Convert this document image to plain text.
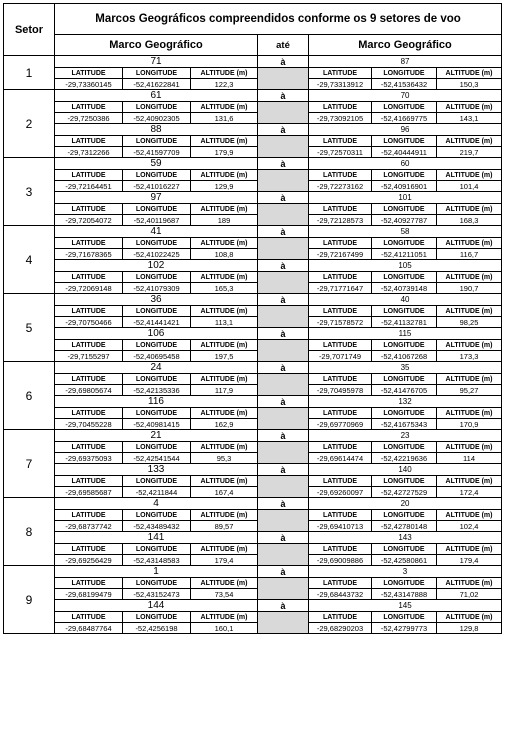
Setor	Marcos Geográficos compreendidos conforme os 9 setores de voo						
	Marco Geográfico			até	Marco Geográfico		
1	71			à	87		
	LATITUDE	LONGITUDE	ALTITUDE (m)		LATITUDE	LONGITUDE	ALTITUDE (m)
	-29,73360145	-52,41622841	122,3		-29,73313912	-52,41536432	150,3
2	61			à	70		
	LATITUDE	LONGITUDE	ALTITUDE (m)		LATITUDE	LONGITUDE	ALTITUDE (m)
	-29,7250386	-52,40902305	131,6		-29,73092105	-52,41669775	143,1
	88			à	96		
	LATITUDE	LONGITUDE	ALTITUDE (m)		LATITUDE	LONGITUDE	ALTITUDE (m)
	-29,7312266	-52,41597709	179,9		-29,72570311	-52,40444911	219,7
3	59			à	60		
	LATITUDE	LONGITUDE	ALTITUDE (m)		LATITUDE	LONGITUDE	ALTITUDE (m)
	-29,72164451	-52,41016227	129,9		-29,72273162	-52,40916901	101,4
	97			à	101		
	LATITUDE	LONGITUDE	ALTITUDE (m)		LATITUDE	LONGITUDE	ALTITUDE (m)
	-29,72054072	-52,40119687	189		-29,72128573	-52,40927787	168,3
4	41			à	58		
	LATITUDE	LONGITUDE	ALTITUDE (m)		LATITUDE	LONGITUDE	ALTITUDE (m)
	-29,71678365	-52,41022425	108,8		-29,72167499	-52,41211051	116,7
	102			à	105		
	LATITUDE	LONGITUDE	ALTITUDE (m)		LATITUDE	LONGITUDE	ALTITUDE (m)
	-29,72069148	-52,41079309	165,3		-29,71771647	-52,40739148	190,7
5	36			à	40		
	LATITUDE	LONGITUDE	ALTITUDE (m)		LATITUDE	LONGITUDE	ALTITUDE (m)
	-29,70750466	-52,41441421	113,1		-29,71578572	-52,41132781	98,25
	106			à	115		
	LATITUDE	LONGITUDE	ALTITUDE (m)		LATITUDE	LONGITUDE	ALTITUDE (m)
	-29,7155297	-52,40695458	197,5		-29,7071749	-52,41067268	173,3
6	24			à	35		
	LATITUDE	LONGITUDE	ALTITUDE (m)		LATITUDE	LONGITUDE	ALTITUDE (m)
	-29,69805674	-52,42135336	117,9		-29,70495978	-52,41476705	95,27
	116			à	132		
	LATITUDE	LONGITUDE	ALTITUDE (m)		LATITUDE	LONGITUDE	ALTITUDE (m)
	-29,70455228	-52,40981415	162,9		-29,69770969	-52,41675343	170,9
7	21			à	23		
	LATITUDE	LONGITUDE	ALTITUDE (m)		LATITUDE	LONGITUDE	ALTITUDE (m)
	-29,69375093	-52,42541544	95,3		-29,69614474	-52,42219636	114
	133			à	140		
	LATITUDE	LONGITUDE	ALTITUDE (m)		LATITUDE	LONGITUDE	ALTITUDE (m)
	-29,69585687	-52,4211844	167,4		-29,69260097	-52,42727529	172,4
8	4			à	20		
	LATITUDE	LONGITUDE	ALTITUDE (m)		LATITUDE	LONGITUDE	ALTITUDE (m)
	-29,68737742	-52,43489432	89,57		-29,69410713	-52,42780148	102,4
	141			à	143		
	LATITUDE	LONGITUDE	ALTITUDE (m)		LATITUDE	LONGITUDE	ALTITUDE (m)
	-29,69256429	-52,43148583	179,4		-29,69009886	-52,42580861	179,4
9	1			à	3		
	LATITUDE	LONGITUDE	ALTITUDE (m)		LATITUDE	LONGITUDE	ALTITUDE (m)
	-29,68199479	-52,43152473	73,54		-29,68443732	-52,43147888	71,02
	144			à	145		
	LATITUDE	LONGITUDE	ALTITUDE (m)		LATITUDE	LONGITUDE	ALTITUDE (m)
	-29,68487764	-52,4256198	160,1		-29,68290203	-52,42799773	129,8
